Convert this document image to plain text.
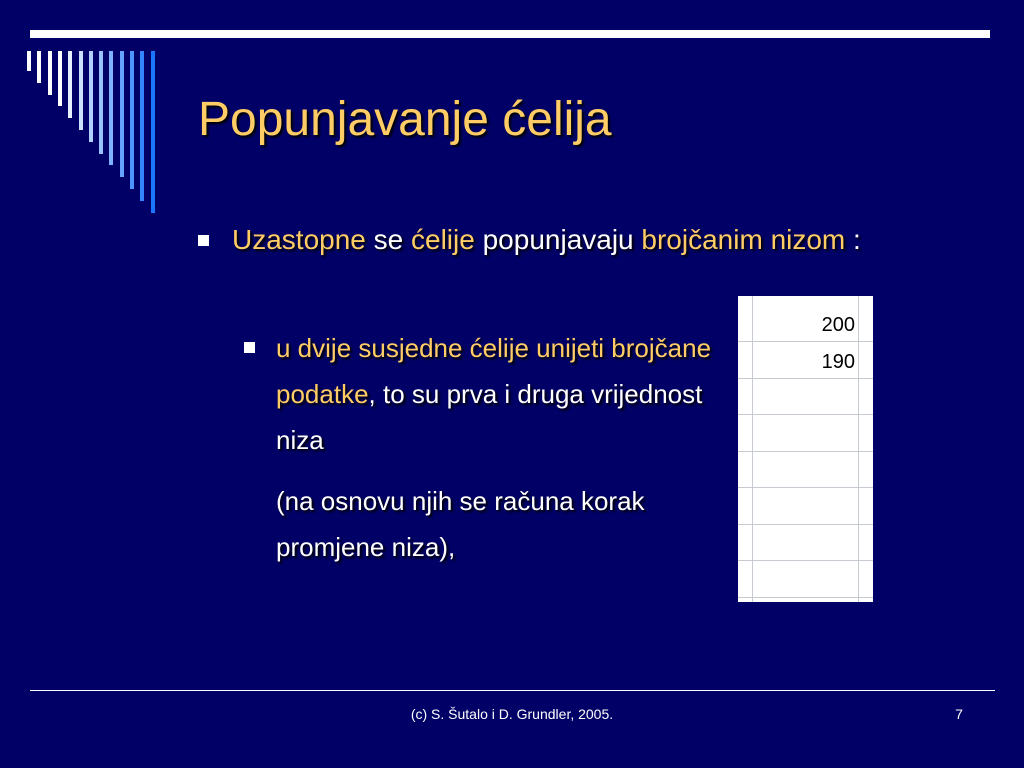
Popunjavanje ćelija
Uzastopne se ćelije popunjavaju brojčanim nizom :
u dvije susjedne ćelije unijeti brojčane podatke, to su prva i druga vrijednost niza
(na osnovu njih se računa korak promjene niza),
200
190
(c) S. Šutalo i D. Grundler, 2005.	7
